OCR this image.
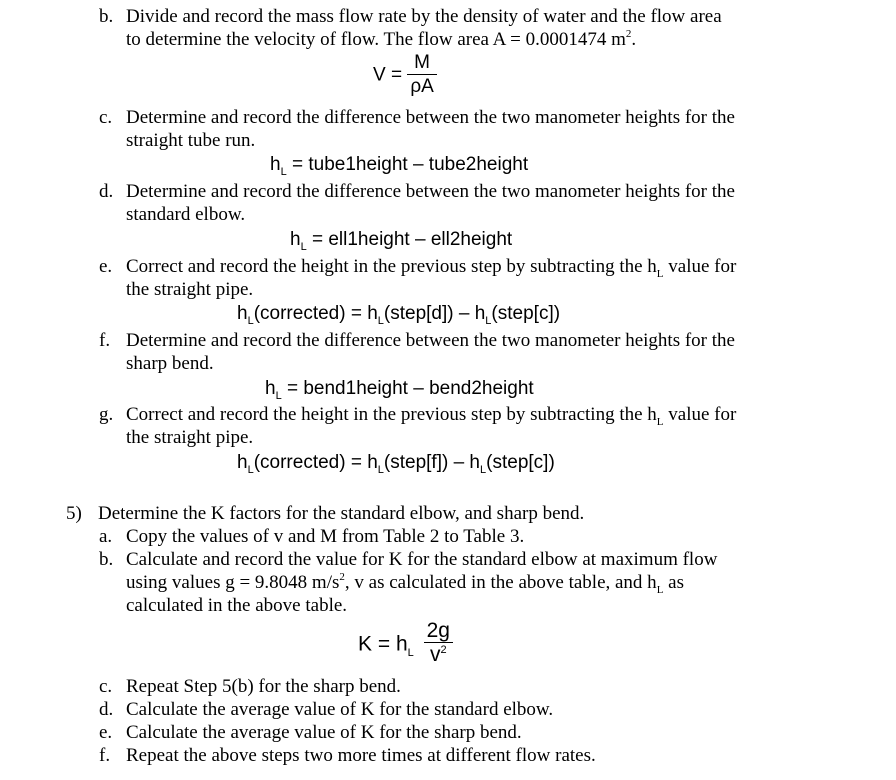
b. Divide and record the mass flow rate by the density of water and the flow area
to determine the velocity of flow. The flow area A = 0.0001474 $m^2$.
$V = \frac{M}{\rho A}$
c. Determine and record the difference between the two manometer heights for the
straight tube run.
$h_L$ = tube1height – tube2height
d. Determine and record the difference between the two manometer heights for the
standard elbow.
$h_L$ = ell1height – ell2height
e. Correct and record the height in the previous step by subtracting the $h_L$ value for
the straight pipe.
$h_L(corrected)$ = $h_L(step[d])$ – $h_L(step[c])$
f. Determine and record the difference between the two manometer heights for the
sharp bend.
$h_L$ = bend1height – bend2height
g. Correct and record the height in the previous step by subtracting the $h_L$ value for
the straight pipe.
$h_L(corrected)$ = $h_L(step[f])$ – $h_L(step[c])$
5) Determine the K factors for the standard elbow, and sharp bend.
a. Copy the values of v and M from Table 2 to Table 3.
b. Calculate and record the value for K for the standard elbow at maximum flow
using values g = 9.8048 $m/s^2$, v as calculated in the above table, and $h_L$ as
calculated in the above table.
$K = h_L \frac{2g}{v^2}$
c. Repeat Step 5(b) for the sharp bend.
d. Calculate the average value of K for the standard elbow.
e. Calculate the average value of K for the sharp bend.
f. Repeat the above steps two more times at different flow rates.
